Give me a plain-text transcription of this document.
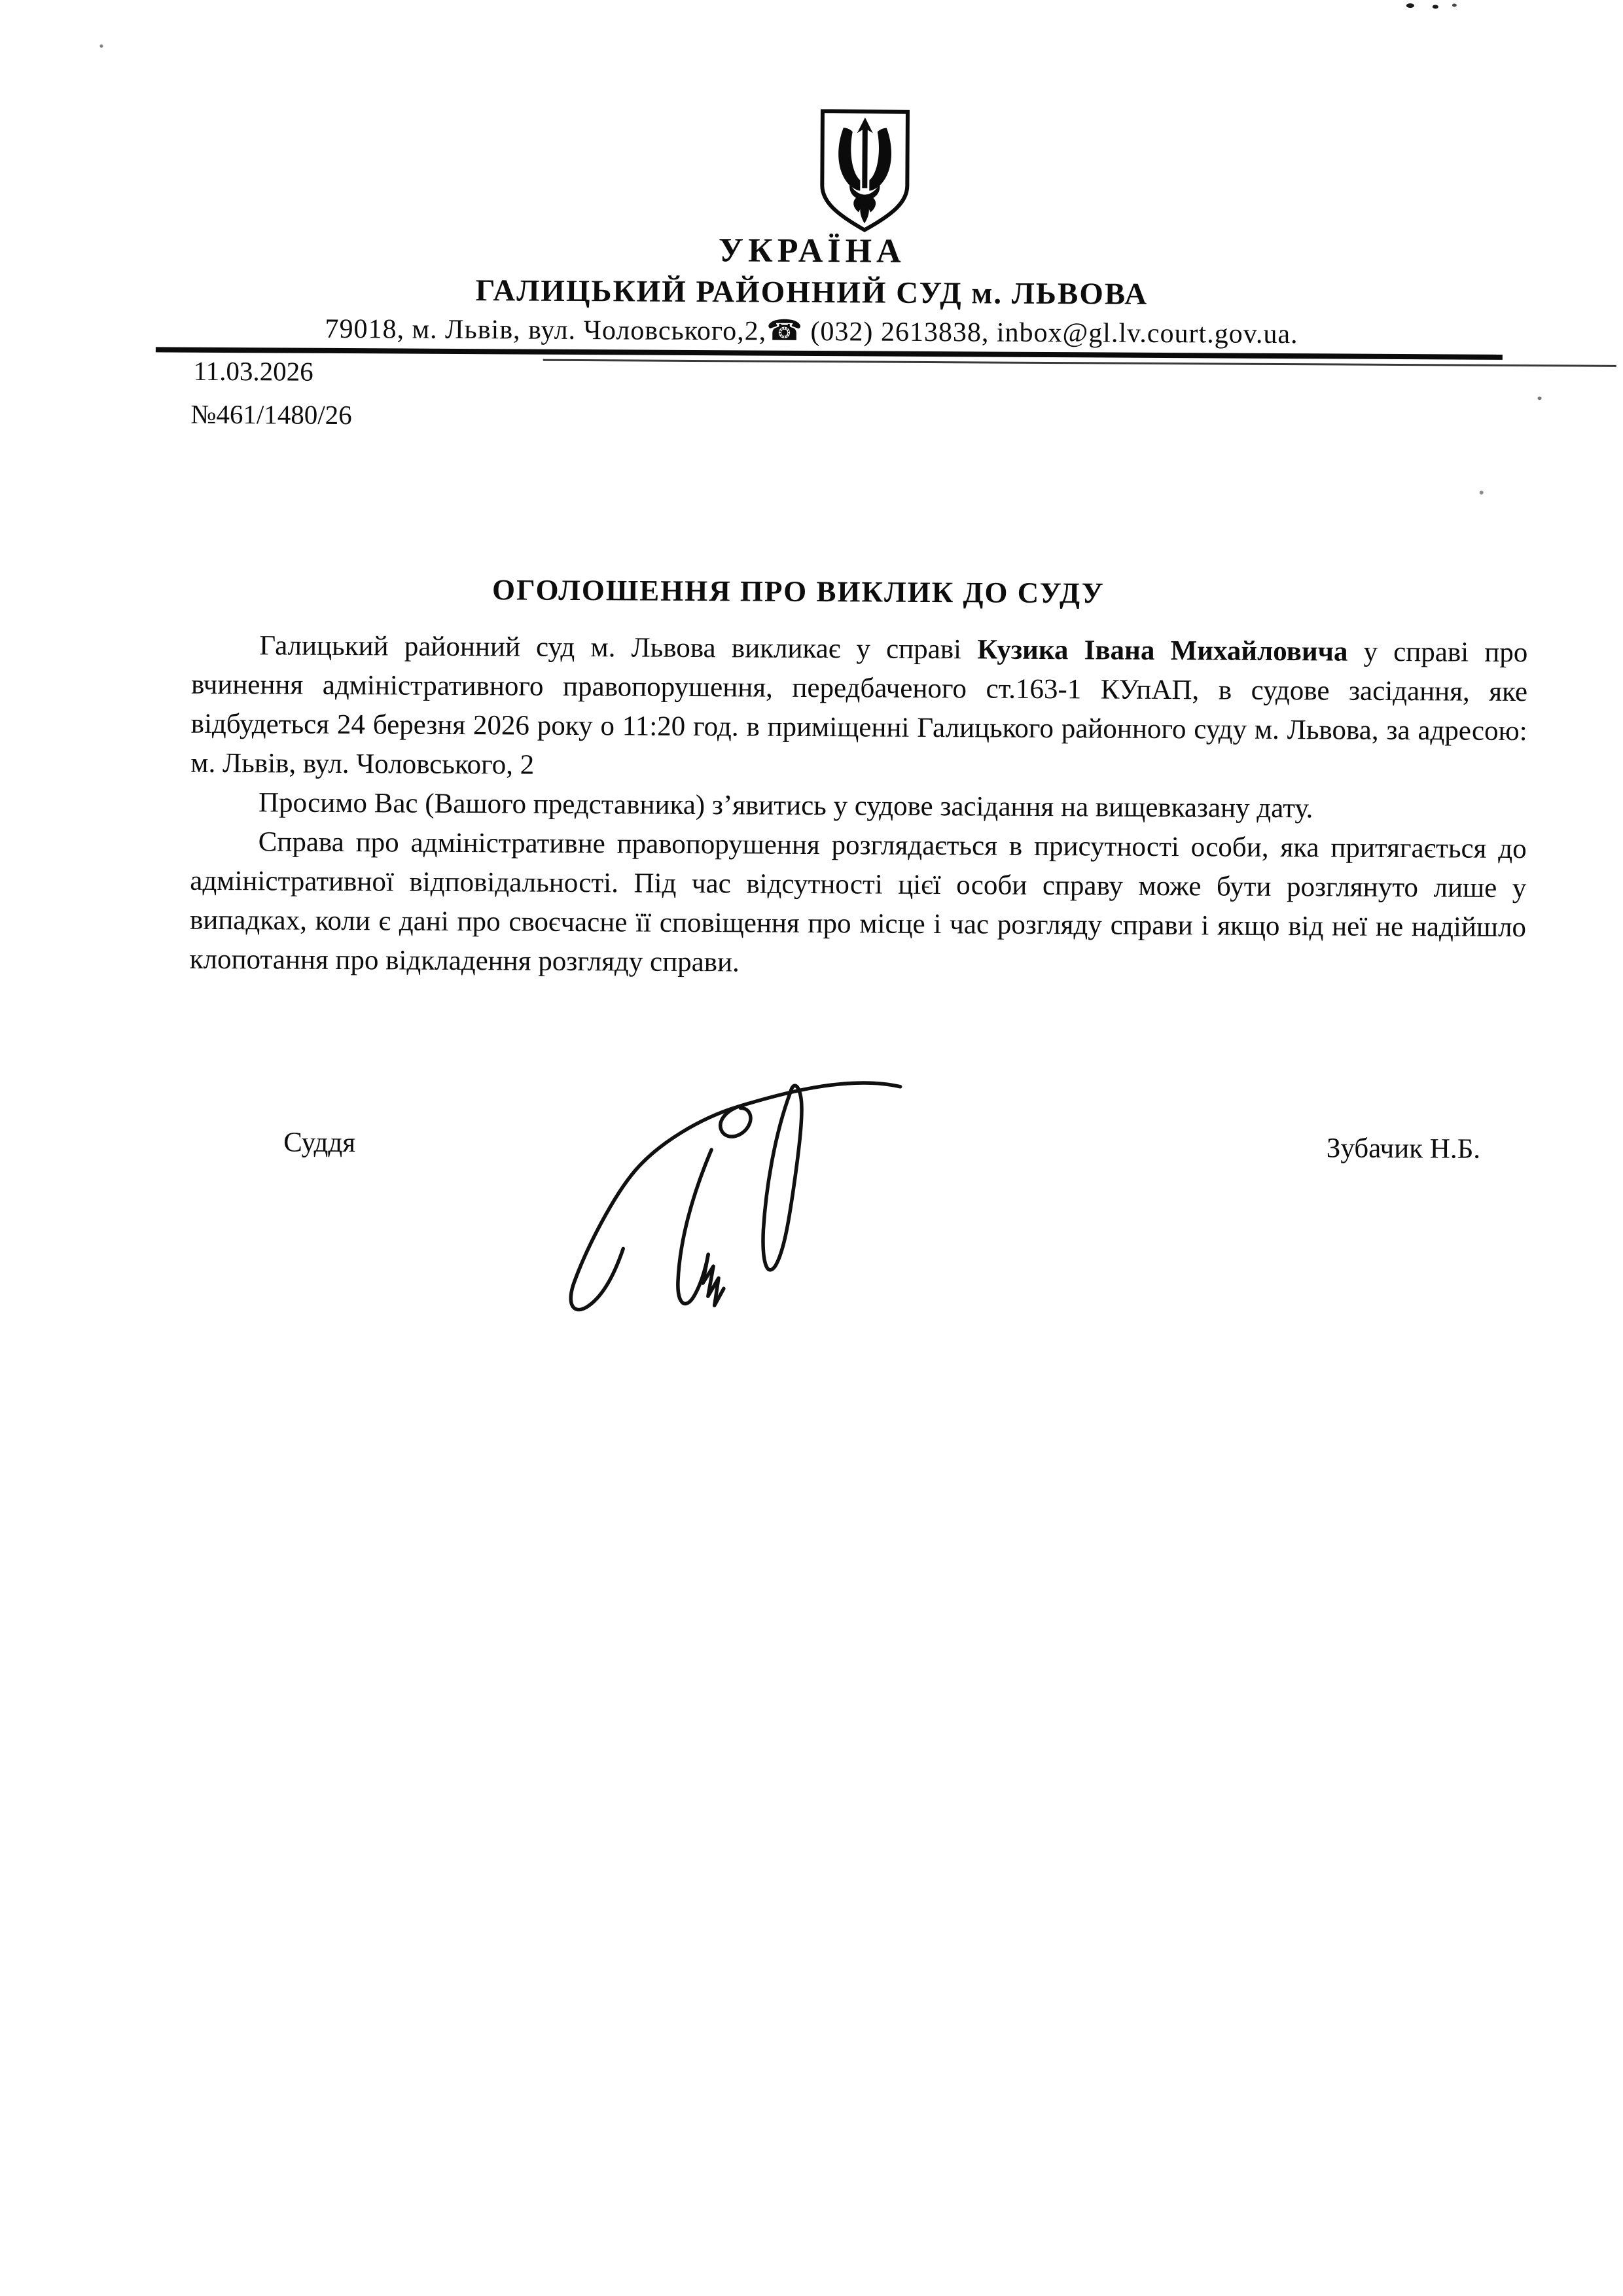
УКРАЇНА
ГАЛИЦЬКИЙ РАЙОННИЙ СУД м. ЛЬВОВА
79018, м. Львів, вул. Чоловського,2,☎ (032) 2613838, inbox@gl.lv.court.gov.ua.
11.03.2026
№461/1480/26
ОГОЛОШЕННЯ ПРО ВИКЛИК ДО СУДУ

Галицький районний суд м. Львова викликає у справі Кузика Івана Михайловича у справі про вчинення адміністративного правопорушення, передбаченого ст.163-1 КУпАП, в судове засідання, яке відбудеться 24 березня 2026 року о 11:20 год. в приміщенні Галицького районного суду м. Львова, за адресою: м. Львів, вул. Чоловського, 2

Просимо Вас (Вашого представника) з’явитись у судове засідання на вищевказану дату.

Справа про адміністративне правопорушення розглядається в присутності особи, яка притягається до адміністративної відповідальності. Під час відсутності цієї особи справу може бути розглянуто лише у випадках, коли є дані про своєчасне її сповіщення про місце і час розгляду справи і якщо від неї не надійшло клопотання про відкладення розгляду справи.

Суддя	Зубачик Н.Б.
